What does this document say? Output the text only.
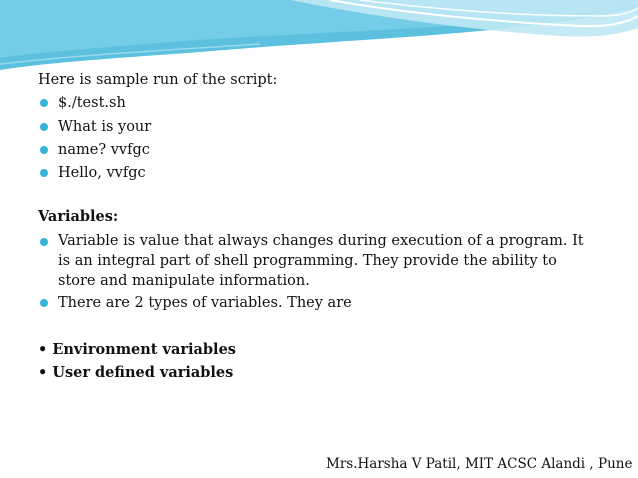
Here is sample run of the script:
$./test.sh
What is your
name? vvfgc
Hello, vvfgc
Variables:
Variable is value that always changes during execution of a program. It is an integral part of shell programming. They provide the ability to store and manipulate information.
There are 2 types of variables. They are
• Environment variables
• User defined variables
Mrs.Harsha V Patil, MIT ACSC Alandi , Pune
